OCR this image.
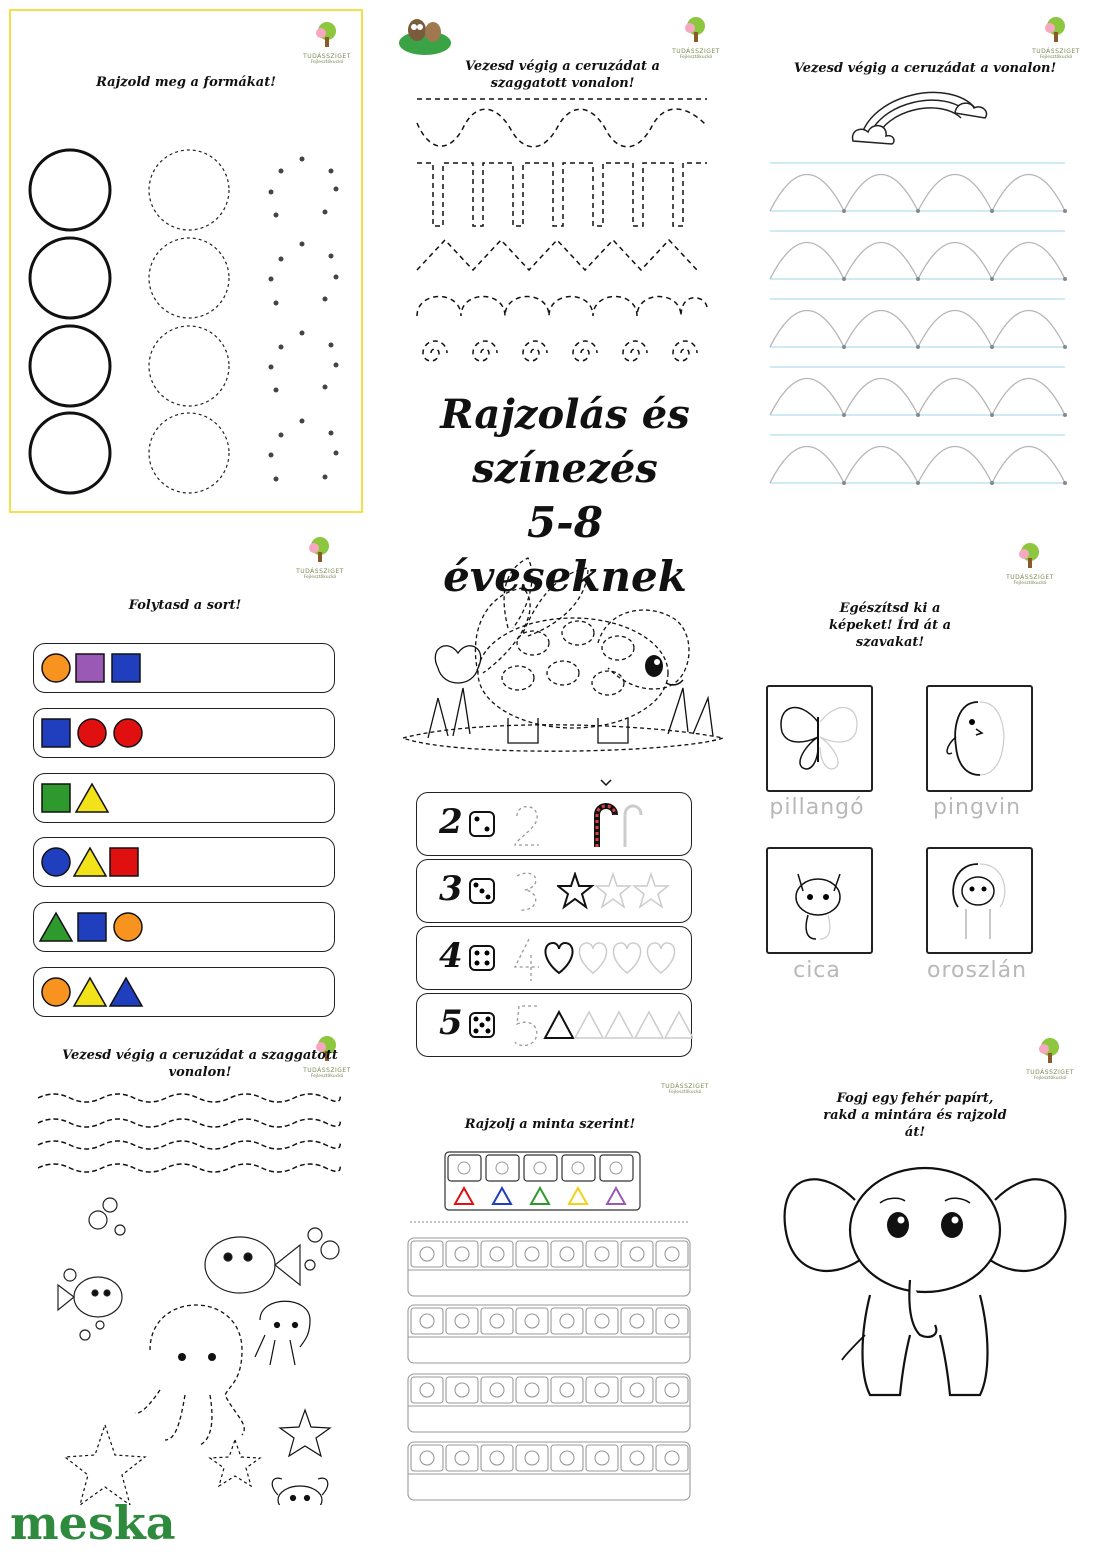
TUDÁSSZIGET
Fejlesztőkuckó
Rajzold meg a formákat!
TUDÁSSZIGET
Fejlesztőkuckó
Vezesd végig a ceruzádat a szaggatott vonalon!
TUDÁSSZIGET
Fejlesztőkuckó
Vezesd végig a ceruzádat a vonalon!
Rajzolás és
színezés
5-8 éveseknek
2
3
4
5
TUDÁSSZIGET
Fejlesztőkuckó
Folytasd a sort!
TUDÁSSZIGET
Fejlesztőkuckó
Egészítsd ki a képeket! Írd át a szavakat!
pillangó	pingvin
cica	oroszlán
TUDÁSSZIGET
Fejlesztőkuckó
Vezesd végig a ceruzádat a szaggatott vonalon!
TUDÁSSZIGET
Fejlesztőkuckó
Rajzolj a minta szerint!
TUDÁSSZIGET
Fejlesztőkuckó
Fogj egy fehér papírt, rakd a mintára és rajzold át!
meska
